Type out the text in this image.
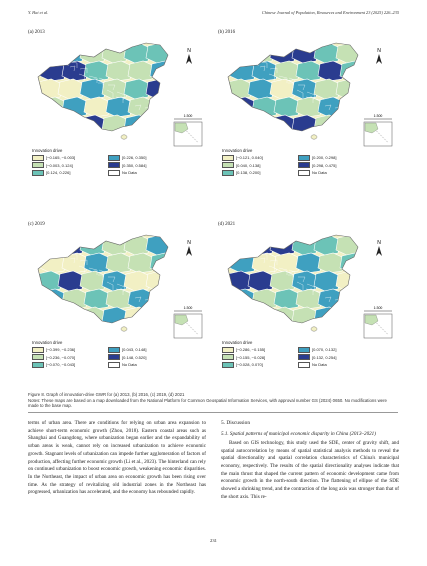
Y. Hai et al.	Chinese Journal of Population, Resources and Environment 23 (2025) 226–235
(a) 2013
N
1:300
Innovation drive
[−0.165, −0.003]	[0.226, 0.350]
[−0.003, 0.124]	[0.350, 0.584]
[0.124, 0.226]	No Data
(b) 2016
N
1:300
Innovation drive
[−0.121, 0.040]	[0.200, 0.298]
[0.040, 0.138]	[0.298, 0.475]
[0.138, 0.200]	No Data
(c) 2019
N
1:300
Innovation drive
[−0.399, −0.236]	[0.043, 0.148]
[−0.236, −0.070]	[0.148, 0.520]
[−0.070, −0.043]	No Data
(d) 2021
N
1:300
Innovation drive
[−0.286, −0.155]	[0.070, 0.132]
[−0.155, −0.028]	[0.132, 0.254]
[−0.028, 0.070]	No Data
Figure 8. Graph of innovation-drive GWR for (a) 2013, (b) 2016, (c) 2019, (d) 2021
Notes: These maps are based on a map downloaded from the National Platform for Common Geospatial Information Services, with approval number GS (2024) 0650. No modifications were made to the base map.
terms of urban area. There are conditions for relying on urban area expansion to achieve short-term economic growth (Zhou, 2018). Eastern coastal areas such as Shanghai and Guangdong, where urbanization began earlier and the expandability of urban areas is weak, cannot rely on increased urbanization to achieve economic growth. Stagnant levels of urbanization can impede further agglomeration of factors of production, affecting further economic growth (Li et al., 2023). The hinterland can rely on continued urbanization to boost economic growth, weakening economic disparities. In the Northeast, the impact of urban area on economic growth has been rising over time. As the strategy of revitalizing old industrial zones in the Northeast has progressed, urbanization has accelerated, and the economy has rebounded rapidly.
5. Discussion
5.1. Spatial patterns of municipal economic disparity in China (2013–2021)
Based on GIS technology, this study used the SDE, center of gravity shift, and spatial autocorrelation by means of spatial statistical analysis methods to reveal the spatial directionality and spatial correlation characteristics of China's municipal economy, respectively. The results of the spatial directionality analyses indicate that the main thrust that shaped the current pattern of economic development came from economic growth in the north-south direction. The flattening of ellipse of the SDE showed a shrinking trend, and the contraction of the long axis was stronger than that of the short axis. This re-
231
